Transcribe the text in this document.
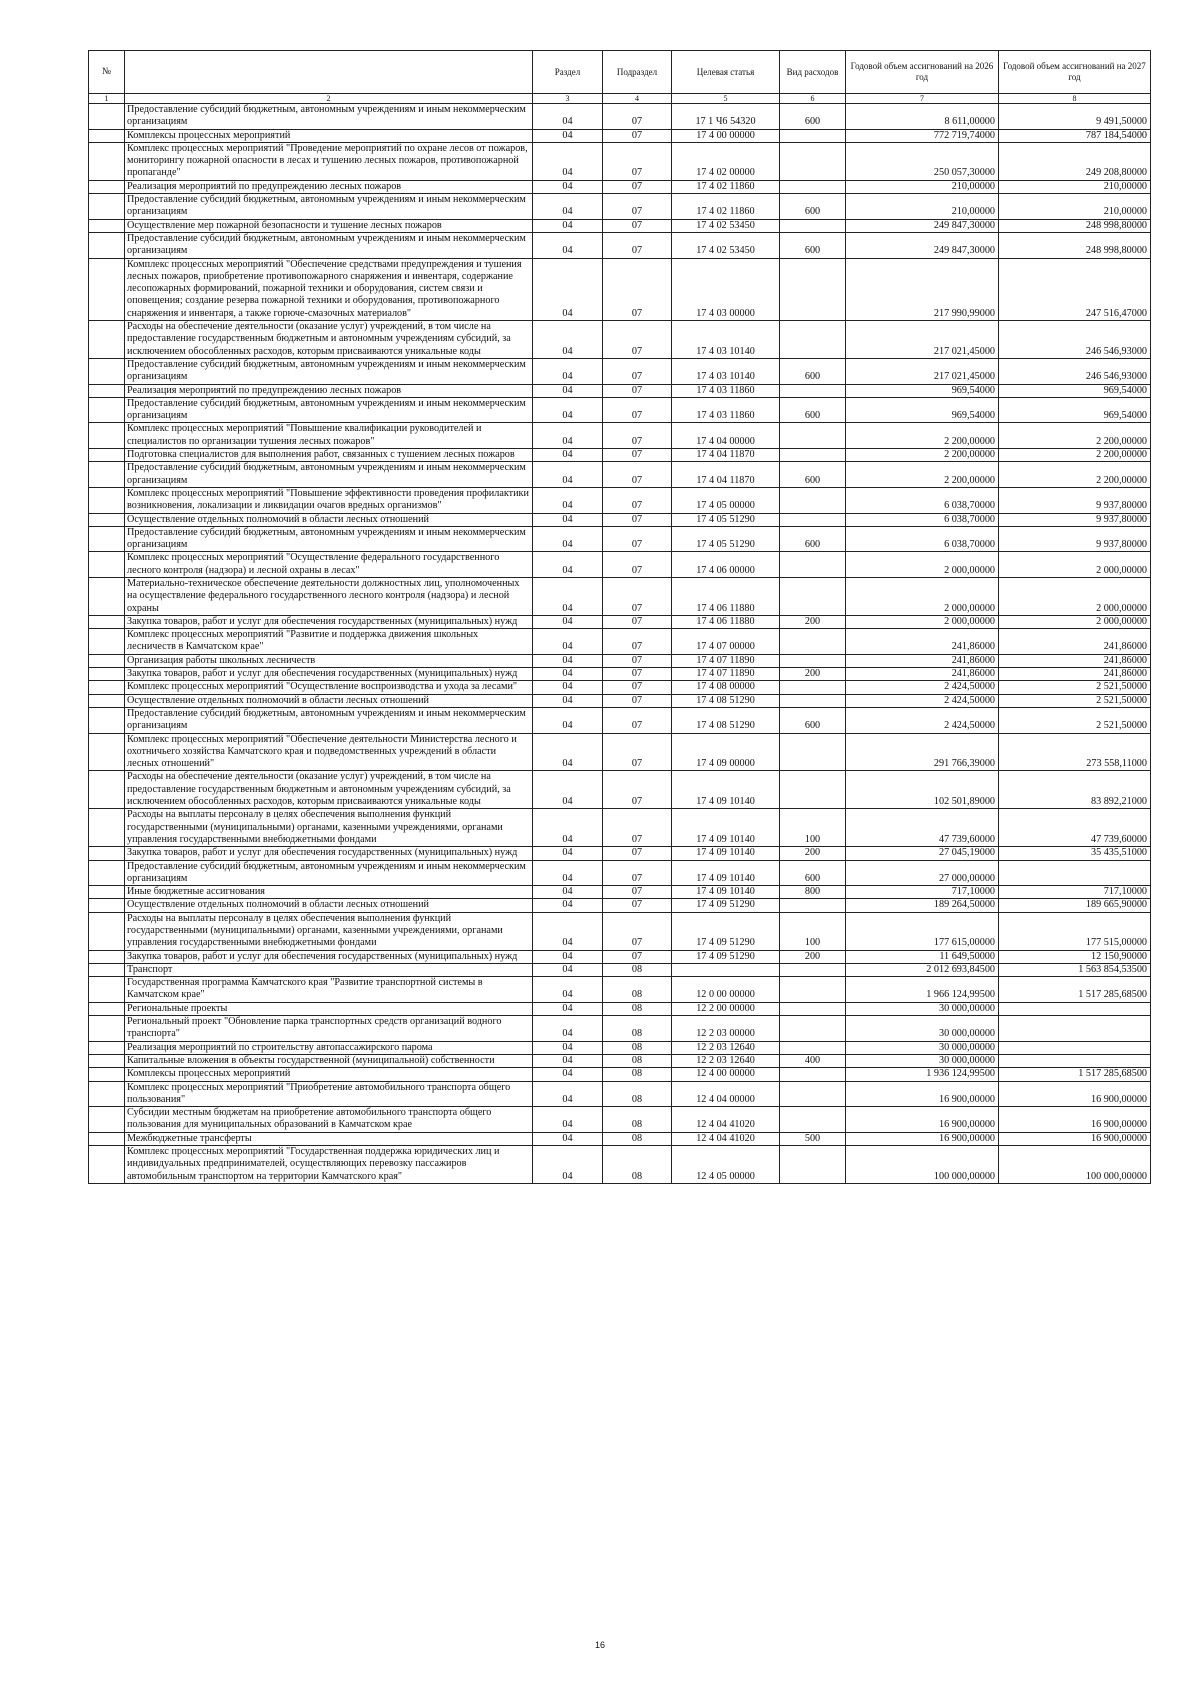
№		Раздел	Подраздел	Целевая статья	Вид расходов	Годовой объем ассигнований на 2026 год	Годовой объем ассигнований на 2027 год
1	2	3	4	5	6	7	8
	Предоставление субсидий бюджетным, автономным учреждениям и иным некоммерческим организациям	04	07	17 1 Ч6 54320	600	8 611,00000	9 491,50000
	Комплексы процессных мероприятий	04	07	17 4 00 00000		772 719,74000	787 184,54000
	Комплекс процессных мероприятий "Проведение мероприятий по охране лесов от пожаров, мониторингу пожарной опасности в лесах и тушению лесных пожаров, противопожарной пропаганде"	04	07	17 4 02 00000		250 057,30000	249 208,80000
	Реализация мероприятий по предупреждению лесных пожаров	04	07	17 4 02 11860		210,00000	210,00000
	Предоставление субсидий бюджетным, автономным учреждениям и иным некоммерческим организациям	04	07	17 4 02 11860	600	210,00000	210,00000
	Осуществление мер пожарной безопасности и тушение лесных пожаров	04	07	17 4 02 53450		249 847,30000	248 998,80000
	Предоставление субсидий бюджетным, автономным учреждениям и иным некоммерческим организациям	04	07	17 4 02 53450	600	249 847,30000	248 998,80000
	Комплекс процессных мероприятий "Обеспечение средствами предупреждения и тушения лесных пожаров, приобретение противопожарного снаряжения и инвентаря, содержание лесопожарных формирований, пожарной техники и оборудования, систем связи и оповещения; создание резерва пожарной техники и оборудования, противопожарного снаряжения и инвентаря, а также горюче-смазочных материалов"	04	07	17 4 03 00000		217 990,99000	247 516,47000
	Расходы на обеспечение деятельности (оказание услуг) учреждений, в том числе на предоставление государственным бюджетным и автономным учреждениям субсидий, за исключением обособленных расходов, которым присваиваются уникальные коды	04	07	17 4 03 10140		217 021,45000	246 546,93000
	Предоставление субсидий бюджетным, автономным учреждениям и иным некоммерческим организациям	04	07	17 4 03 10140	600	217 021,45000	246 546,93000
	Реализация мероприятий по предупреждению лесных пожаров	04	07	17 4 03 11860		969,54000	969,54000
	Предоставление субсидий бюджетным, автономным учреждениям и иным некоммерческим организациям	04	07	17 4 03 11860	600	969,54000	969,54000
	Комплекс процессных мероприятий "Повышение квалификации руководителей и специалистов по организации тушения лесных пожаров"	04	07	17 4 04 00000		2 200,00000	2 200,00000
	Подготовка специалистов для выполнения работ, связанных с тушением лесных пожаров	04	07	17 4 04 11870		2 200,00000	2 200,00000
	Предоставление субсидий бюджетным, автономным учреждениям и иным некоммерческим организациям	04	07	17 4 04 11870	600	2 200,00000	2 200,00000
	Комплекс процессных мероприятий "Повышение эффективности проведения профилактики возникновения, локализации и ликвидации очагов вредных организмов"	04	07	17 4 05 00000		6 038,70000	9 937,80000
	Осуществление отдельных полномочий в области лесных отношений	04	07	17 4 05 51290		6 038,70000	9 937,80000
	Предоставление субсидий бюджетным, автономным учреждениям и иным некоммерческим организациям	04	07	17 4 05 51290	600	6 038,70000	9 937,80000
	Комплекс процессных мероприятий "Осуществление федерального государственного лесного контроля (надзора) и лесной охраны в лесах"	04	07	17 4 06 00000		2 000,00000	2 000,00000
	Материально-техническое обеспечение деятельности должностных лиц, уполномоченных на осуществление федерального государственного лесного контроля (надзора) и лесной охраны	04	07	17 4 06 11880		2 000,00000	2 000,00000
	Закупка товаров, работ и услуг для обеспечения государственных (муниципальных) нужд	04	07	17 4 06 11880	200	2 000,00000	2 000,00000
	Комплекс процессных мероприятий "Развитие и поддержка движения школьных лесничеств в Камчатском крае"	04	07	17 4 07 00000		241,86000	241,86000
	Организация работы школьных лесничеств	04	07	17 4 07 11890		241,86000	241,86000
	Закупка товаров, работ и услуг для обеспечения государственных (муниципальных) нужд	04	07	17 4 07 11890	200	241,86000	241,86000
	Комплекс процессных мероприятий "Осуществление воспроизводства и ухода за лесами"	04	07	17 4 08 00000		2 424,50000	2 521,50000
	Осуществление отдельных полномочий в области лесных отношений	04	07	17 4 08 51290		2 424,50000	2 521,50000
	Предоставление субсидий бюджетным, автономным учреждениям и иным некоммерческим организациям	04	07	17 4 08 51290	600	2 424,50000	2 521,50000
	Комплекс процессных мероприятий "Обеспечение деятельности Министерства лесного и охотничьего хозяйства Камчатского края и подведомственных учреждений в области лесных отношений"	04	07	17 4 09 00000		291 766,39000	273 558,11000
	Расходы на обеспечение деятельности (оказание услуг) учреждений, в том числе на предоставление государственным бюджетным и автономным учреждениям субсидий, за исключением обособленных расходов, которым присваиваются уникальные коды	04	07	17 4 09 10140		102 501,89000	83 892,21000
	Расходы на выплаты персоналу в целях обеспечения выполнения функций государственными (муниципальными) органами, казенными учреждениями, органами управления государственными внебюджетными фондами	04	07	17 4 09 10140	100	47 739,60000	47 739,60000
	Закупка товаров, работ и услуг для обеспечения государственных (муниципальных) нужд	04	07	17 4 09 10140	200	27 045,19000	35 435,51000
	Предоставление субсидий бюджетным, автономным учреждениям и иным некоммерческим организациям	04	07	17 4 09 10140	600	27 000,00000	
	Иные бюджетные ассигнования	04	07	17 4 09 10140	800	717,10000	717,10000
	Осуществление отдельных полномочий в области лесных отношений	04	07	17 4 09 51290		189 264,50000	189 665,90000
	Расходы на выплаты персоналу в целях обеспечения выполнения функций государственными (муниципальными) органами, казенными учреждениями, органами управления государственными внебюджетными фондами	04	07	17 4 09 51290	100	177 615,00000	177 515,00000
	Закупка товаров, работ и услуг для обеспечения государственных (муниципальных) нужд	04	07	17 4 09 51290	200	11 649,50000	12 150,90000
	Транспорт	04	08			2 012 693,84500	1 563 854,53500
	Государственная программа Камчатского края "Развитие транспортной системы в Камчатском крае"	04	08	12 0 00 00000		1 966 124,99500	1 517 285,68500
	Региональные проекты	04	08	12 2 00 00000		30 000,00000	
	Региональный проект "Обновление парка транспортных средств организаций водного транспорта"	04	08	12 2 03 00000		30 000,00000	
	Реализация мероприятий по строительству автопассажирского парома	04	08	12 2 03 12640		30 000,00000	
	Капитальные вложения в объекты государственной (муниципальной) собственности	04	08	12 2 03 12640	400	30 000,00000	
	Комплексы процессных мероприятий	04	08	12 4 00 00000		1 936 124,99500	1 517 285,68500
	Комплекс процессных мероприятий "Приобретение автомобильного транспорта общего пользования"	04	08	12 4 04 00000		16 900,00000	16 900,00000
	Субсидии местным бюджетам на приобретение автомобильного транспорта общего пользования для муниципальных образований в Камчатском крае	04	08	12 4 04 41020		16 900,00000	16 900,00000
	Межбюджетные трансферты	04	08	12 4 04 41020	500	16 900,00000	16 900,00000
	Комплекс процессных мероприятий "Государственная поддержка юридических лиц и индивидуальных предпринимателей, осуществляющих перевозку пассажиров автомобильным транспортом на территории Камчатского края"	04	08	12 4 05 00000		100 000,00000	100 000,00000
16
